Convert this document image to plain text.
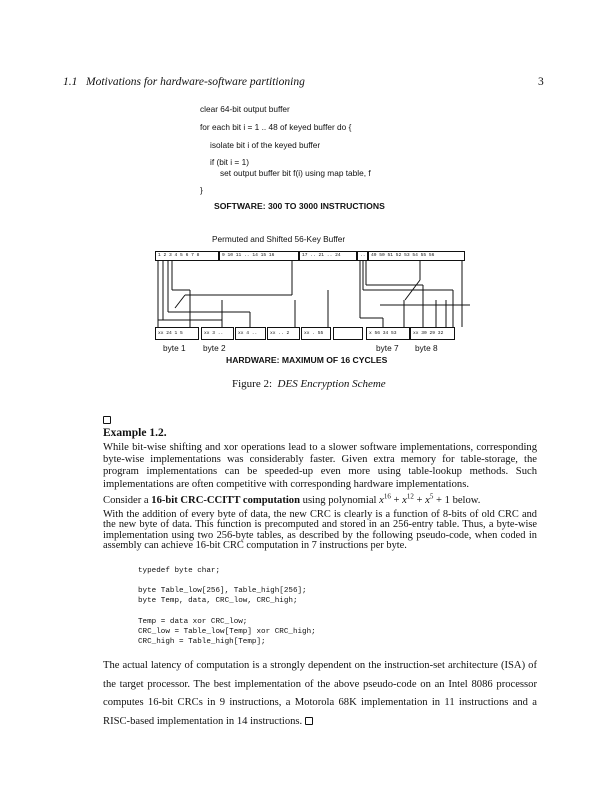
1.1 Motivations for hardware-software partitioning	3
clear 64-bit output buffer
for each bit i = 1 .. 48 of keyed buffer do {
isolate bit i of the keyed buffer
if (bit i = 1)
set output buffer bit f(i) using map table, f
}
SOFTWARE: 300 TO 3000 INSTRUCTIONS
Permuted and Shifted 56-Key Buffer
1 2 3 4 5 6 7 8	9 10 11 .. 14 15 16	17 .. 21 .. 24	..	49 50 51 52 53 54 55 56
xx 24 1 5	xx 3 ..	xx 4 ..	xx .. 2	xx . 55	x 56 34 53	xx 30 29 32
byte 1 byte 2	byte 7 byte 8
HARDWARE: MAXIMUM OF 16 CYCLES
Figure 2: DES Encryption Scheme
Example 1.2.

While bit-wise shifting and xor operations lead to a slower software implementations, corresponding byte-wise implementations was considerably faster. Given extra memory for table-storage, the program implementations can be speeded-up even more using table-lookup methods. Such implementations are often competitive with corresponding hardware implementations.

Consider a 16-bit CRC-CCITT computation using polynomial $x^{16} + x^{12} + x^5 + 1$ below.

With the addition of every byte of data, the new CRC is clearly is a function of 8-bits of old CRC and the new byte of data. This function is precomputed and stored in an 256-entry table. Thus, a byte-wise implementation using two 256-byte tables, as described by the following pseudo-code, when coded in assembly can achieve 16-bit CRC computation in 7 instructions per byte.

typedef byte char;
byte Table_low[256], Table_high[256];
byte Temp, data, CRC_low, CRC_high;
Temp = data xor CRC_low;
CRC_low = Table_low[Temp] xor CRC_high;
CRC_high = Table_high[Temp];

The actual latency of computation is a strongly dependent on the instruction-set architecture (ISA) of the target processor. The best implementation of the above pseudo-code on an Intel 8086 processor computes 16-bit CRCs in 9 instructions, a Motorola 68K implementation in 11 instructions and a RISC-based implementation in 14 instructions.
